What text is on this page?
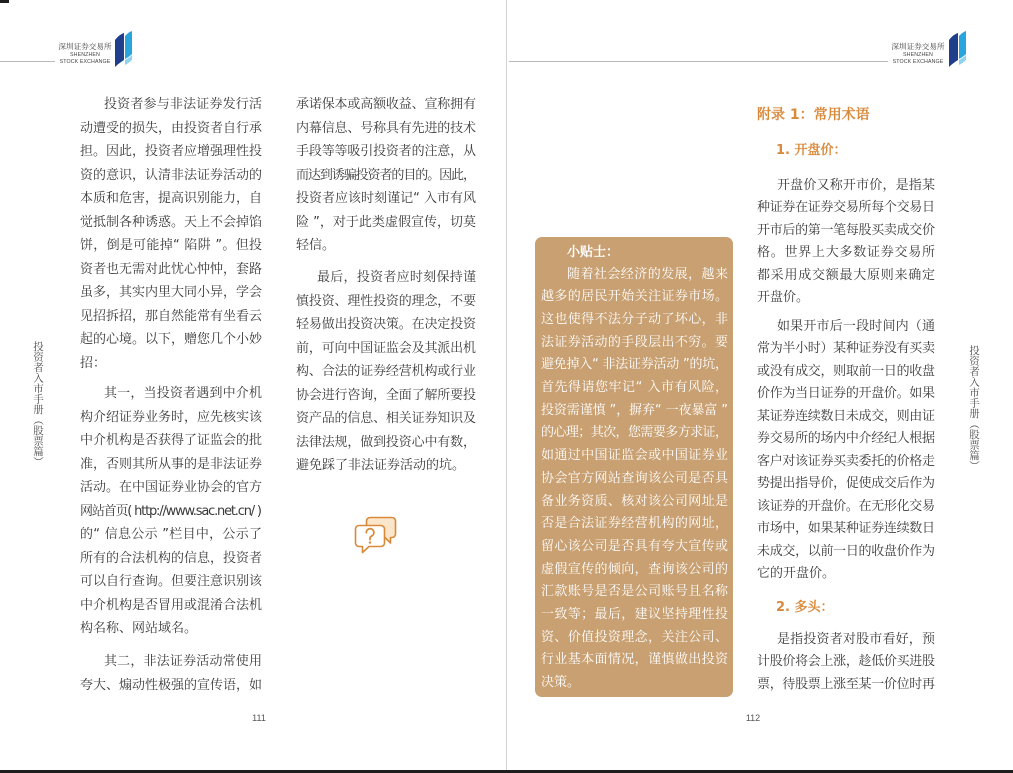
深圳证券交易所
SHENZHEN
STOCK EXCHANGE
深圳证券交易所
SHENZHEN
STOCK EXCHANGE
投资者入市手册（股票篇）	投资者入市手册（股票篇）
投资者参与非法证券发行活
动遭受的损失，由投资者自行承
担。因此，投资者应增强理性投
资的意识，认清非法证券活动的
本质和危害，提高识别能力，自
觉抵制各种诱惑。天上不会掉馅
饼，倒是可能掉“ 陷阱 ”。但投
资者也无需对此忧心忡忡，套路
虽多，其实内里大同小异，学会
见招拆招，那自然能常有坐看云
起的心境。以下，赠您几个小妙
招：
其一，当投资者遇到中介机
构介绍证券业务时，应先核实该
中介机构是否获得了证监会的批
准，否则其所从事的是非法证券
活动。在中国证券业协会的官方
网站首页( http://www.sac.net.cn/ )
的“ 信息公示 ”栏目中，公示了
所有的合法机构的信息，投资者
可以自行查询。但要注意识别该
中介机构是否冒用或混淆合法机
构名称、网站域名。
其二，非法证券活动常使用
夸大、煽动性极强的宣传语，如
承诺保本或高额收益、宣称拥有
内幕信息、号称具有先进的技术
手段等等吸引投资者的注意，从
而达到诱骗投资者的目的。因此，
投资者应该时刻谨记“ 入市有风
险 ”，对于此类虚假宣传，切莫
轻信。
最后，投资者应时刻保持谨
慎投资、理性投资的理念，不要
轻易做出投资决策。在决定投资
前，可向中国证监会及其派出机
构、合法的证券经营机构或行业
协会进行咨询，全面了解所要投
资产品的信息、相关证券知识及
法律法规，做到投资心中有数，
避免踩了非法证券活动的坑。
111
小贴士：
随着社会经济的发展，越来
越多的居民开始关注证券市场。
这也使得不法分子动了坏心，非
法证券活动的手段层出不穷。要
避免掉入“ 非法证券活动 ”的坑，
首先得请您牢记“ 入市有风险，
投资需谨慎 ”，摒弃“ 一夜暴富 ”
的心理；其次，您需要多方求证，
如通过中国证监会或中国证券业
协会官方网站查询该公司是否具
备业务资质、核对该公司网址是
否是合法证券经营机构的网址，
留心该公司是否具有夸大宣传或
虚假宣传的倾向，查询该公司的
汇款账号是否是公司账号且名称
一致等；最后，建议坚持理性投
资、价值投资理念，关注公司、
行业基本面情况，谨慎做出投资
决策。
附录 1：常用术语
1. 开盘价：
开盘价又称开市价，是指某
种证券在证券交易所每个交易日
开市后的第一笔每股买卖成交价
格。世界上大多数证券交易所
都采用成交额最大原则来确定
开盘价。
如果开市后一段时间内（通
常为半小时）某种证券没有买卖
或没有成交，则取前一日的收盘
价作为当日证券的开盘价。如果
某证券连续数日未成交，则由证
券交易所的场内中介经纪人根据
客户对该证券买卖委托的价格走
势提出指导价，促使成交后作为
该证券的开盘价。在无形化交易
市场中，如果某种证券连续数日
未成交，以前一日的收盘价作为
它的开盘价。
2. 多头：
是指投资者对股市看好，预
计股价将会上涨，趁低价买进股
票，待股票上涨至某一价位时再
112
